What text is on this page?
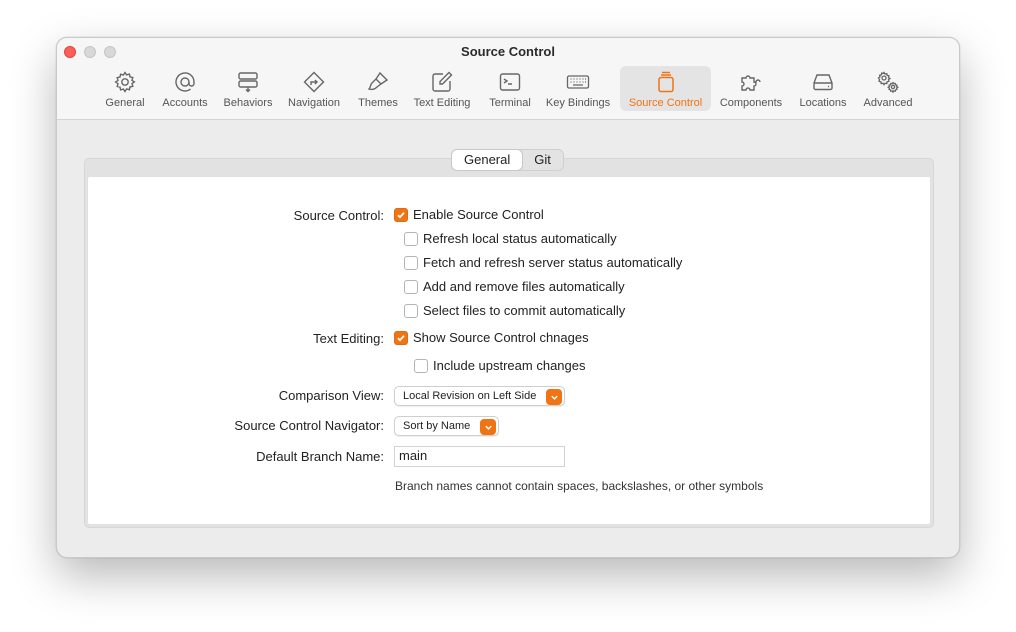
Source Control
General Accounts Behaviors Navigation Themes Text Editing Terminal Key Bindings Source Control Components Locations Advanced
General	Git
Source Control: Enable Source Control
Refresh local status automatically
Fetch and refresh server status automatically
Add and remove files automatically
Select files to commit automatically
Text Editing: Show Source Control chnages
Include upstream changes
Comparison View: Local Revision on Left Side
Source Control Navigator: Sort by Name
Default Branch Name:	main
Branch names cannot contain spaces, backslashes, or other symbols
